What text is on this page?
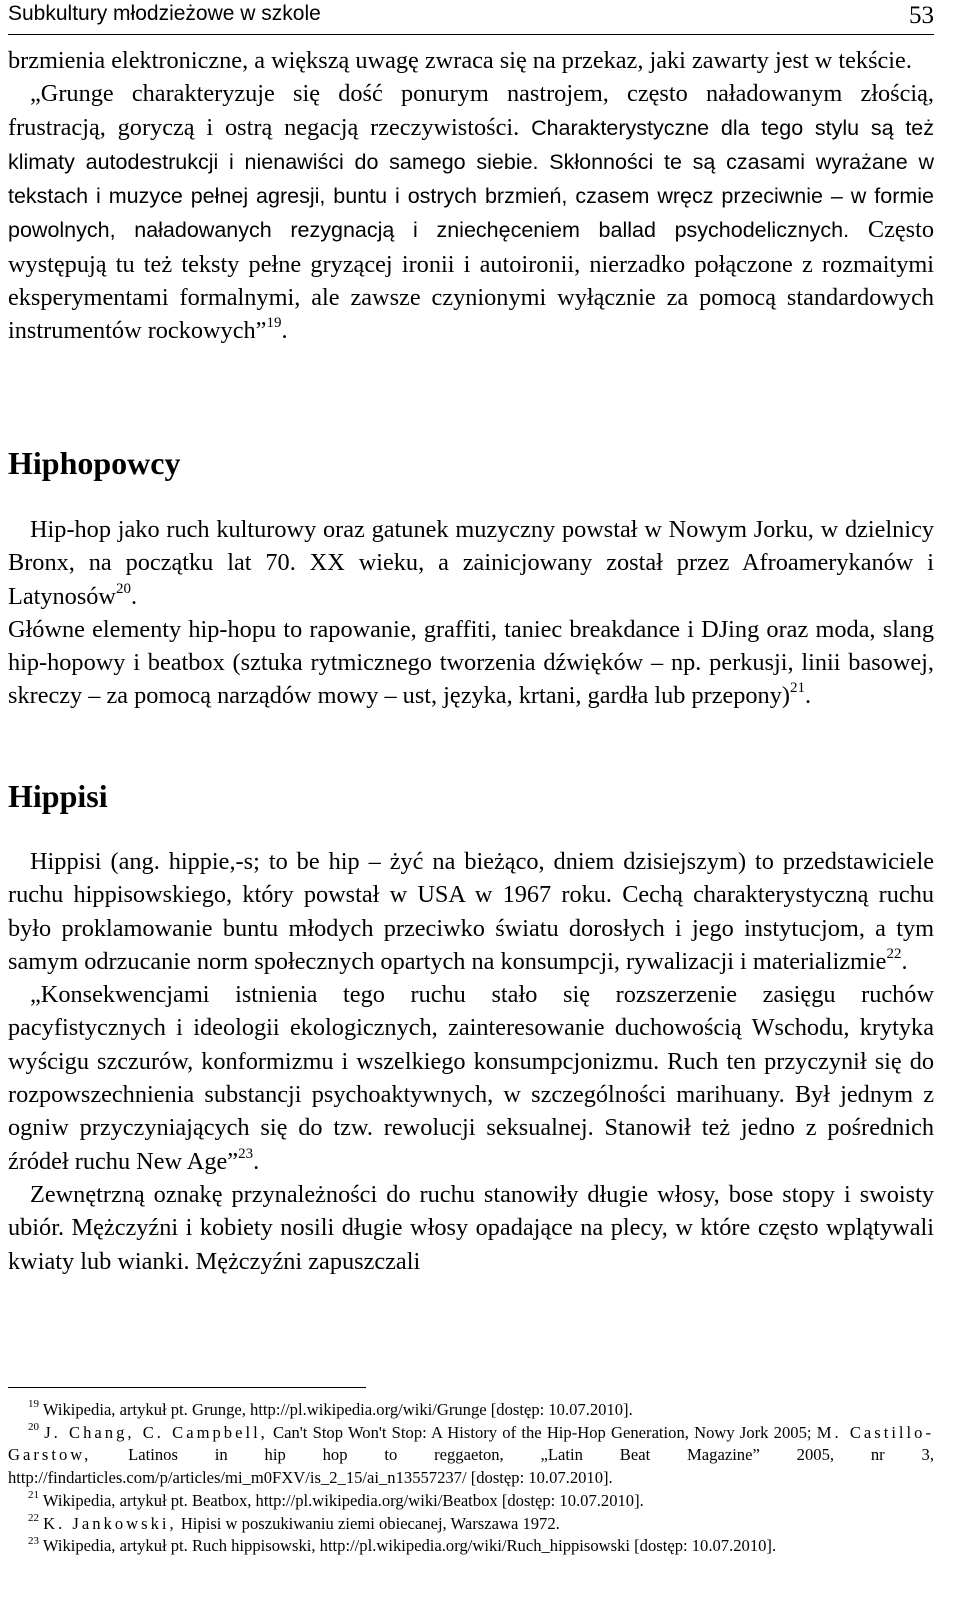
Subkultury młodzieżowe w szkole	53

brzmienia elektroniczne, a większą uwagę zwraca się na przekaz, jaki zawarty jest w tekście.

„Grunge charakteryzuje się dość ponurym nastrojem, często naładowanym złością, frustracją, goryczą i ostrą negacją rzeczywistości. Charakterystyczne dla tego stylu są też klimaty autodestrukcji i nienawiści do samego siebie. Skłonności te są czasami wyrażane w tekstach i muzyce pełnej agresji, buntu i ostrych brzmień, czasem wręcz przeciwnie – w formie powolnych, naładowanych rezygnacją i zniechęceniem ballad psychodelicznych. Często występują tu też teksty pełne gryzącej ironii i autoironii, nierzadko połączone z rozmaitymi eksperymentami formalnymi, ale zawsze czynionymi wyłącznie za pomocą standardowych instrumentów rockowych”$^{19}$.

Hiphopowcy

Hip-hop jako ruch kulturowy oraz gatunek muzyczny powstał w Nowym Jorku, w dzielnicy Bronx, na początku lat 70. XX wieku, a zainicjowany został przez Afroamerykanów i Latynosów$^{20}$.

Główne elementy hip-hopu to rapowanie, graffiti, taniec breakdance i DJing oraz moda, slang hip-hopowy i beatbox (sztuka rytmicznego tworzenia dźwięków – np. perkusji, linii basowej, skreczy – za pomocą narządów mowy – ust, języka, krtani, gardła lub przepony)$^{21}$.

Hippisi

Hippisi (ang. hippie,-s; to be hip – żyć na bieżąco, dniem dzisiejszym) to przedstawiciele ruchu hippisowskiego, który powstał w USA w 1967 roku. Cechą charakterystyczną ruchu było proklamowanie buntu młodych przeciwko światu dorosłych i jego instytucjom, a tym samym odrzucanie norm społecznych opartych na konsumpcji, rywalizacji i materializmie$^{22}$.

„Konsekwencjami istnienia tego ruchu stało się rozszerzenie zasięgu ruchów pacyfistycznych i ideologii ekologicznych, zainteresowanie duchowością Wschodu, krytyka wyścigu szczurów, konformizmu i wszelkiego konsumpcjonizmu. Ruch ten przyczynił się do rozpowszechnienia substancji psychoaktywnych, w szczególności marihuany. Był jednym z ogniw przyczyniających się do tzw. rewolucji seksualnej. Stanowił też jedno z pośrednich źródeł ruchu New Age”$^{23}$.

Zewnętrzną oznakę przynależności do ruchu stanowiły długie włosy, bose stopy i swoisty ubiór. Mężczyźni i kobiety nosili długie włosy opadające na plecy, w które często wplątywali kwiaty lub wianki. Mężczyźni zapuszczali

$^{19}$ Wikipedia, artykuł pt. Grunge, http://pl.wikipedia.org/wiki/Grunge [dostęp: 10.07.2010].

$^{20}$ J. Chang, C. Campbell, Can't Stop Won't Stop: A History of the Hip-Hop Generation, Nowy Jork 2005; M. Castillo-Garstow, Latinos in hip hop to reggaeton, „Latin Beat Magazine” 2005, nr 3, http://findarticles.com/p/articles/mi_m0FXV/is_2_15/ai_n13557237/ [dostęp: 10.07.2010].

$^{21}$ Wikipedia, artykuł pt. Beatbox, http://pl.wikipedia.org/wiki/Beatbox [dostęp: 10.07.2010].

$^{22}$ K. Jankowski, Hipisi w poszukiwaniu ziemi obiecanej, Warszawa 1972.

$^{23}$ Wikipedia, artykuł pt. Ruch hippisowski, http://pl.wikipedia.org/wiki/Ruch_hippisowski [dostęp: 10.07.2010].
